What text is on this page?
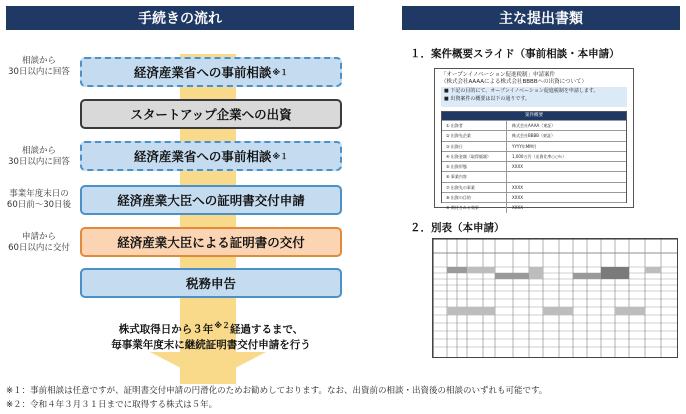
手続きの流れ	主な提出書類
相談から
30日以内に回答
相談から
30日以内に回答
事業年度末日の
60日前～30日後
申請から
60日以内に交付
経済産業省への事前相談 ※１
スタートアップ企業への出資
経済産業省への事前相談 ※１
経済産業大臣への証明書交付申請
経済産業大臣による証明書の交付
税務申告
株式取得日から３年$^{※2}$経過するまで、
毎事業年度末に継続証明書交付申請を行う
１．案件概要スライド（事前相談・本申請）
「オープンイノベーション促進税制」申請案件
（株式会社AAAAによる株式会社BBBBへの出資について）
■ 下記の目的にて、オープンイノベーション促進税制を申請します。
■ 出資案件の概要は以下の通りです。
案件概要
① 出資者	株式会社AAAA（東証）
② 出資先企業	株式会社BBBB（東証）
③ 出資日	YYYY年MM月
④ 出資金額（取得価額）	1,000万円（出資比率○○％）
⑤ 出資形態	XXXX
⑥ 事業内容
⑦ 出資先の事業	XXXX
⑧ 出資の目的	XXXX
⑨ 期待される効果	XXXX
２．別表（本申請）
※１：事前相談は任意ですが、証明書交付申請の円滑化のためお勧めしております。なお、出資前の相談・出資後の相談のいずれも可能です。
※２：令和４年３月３１日までに取得する株式は５年。
